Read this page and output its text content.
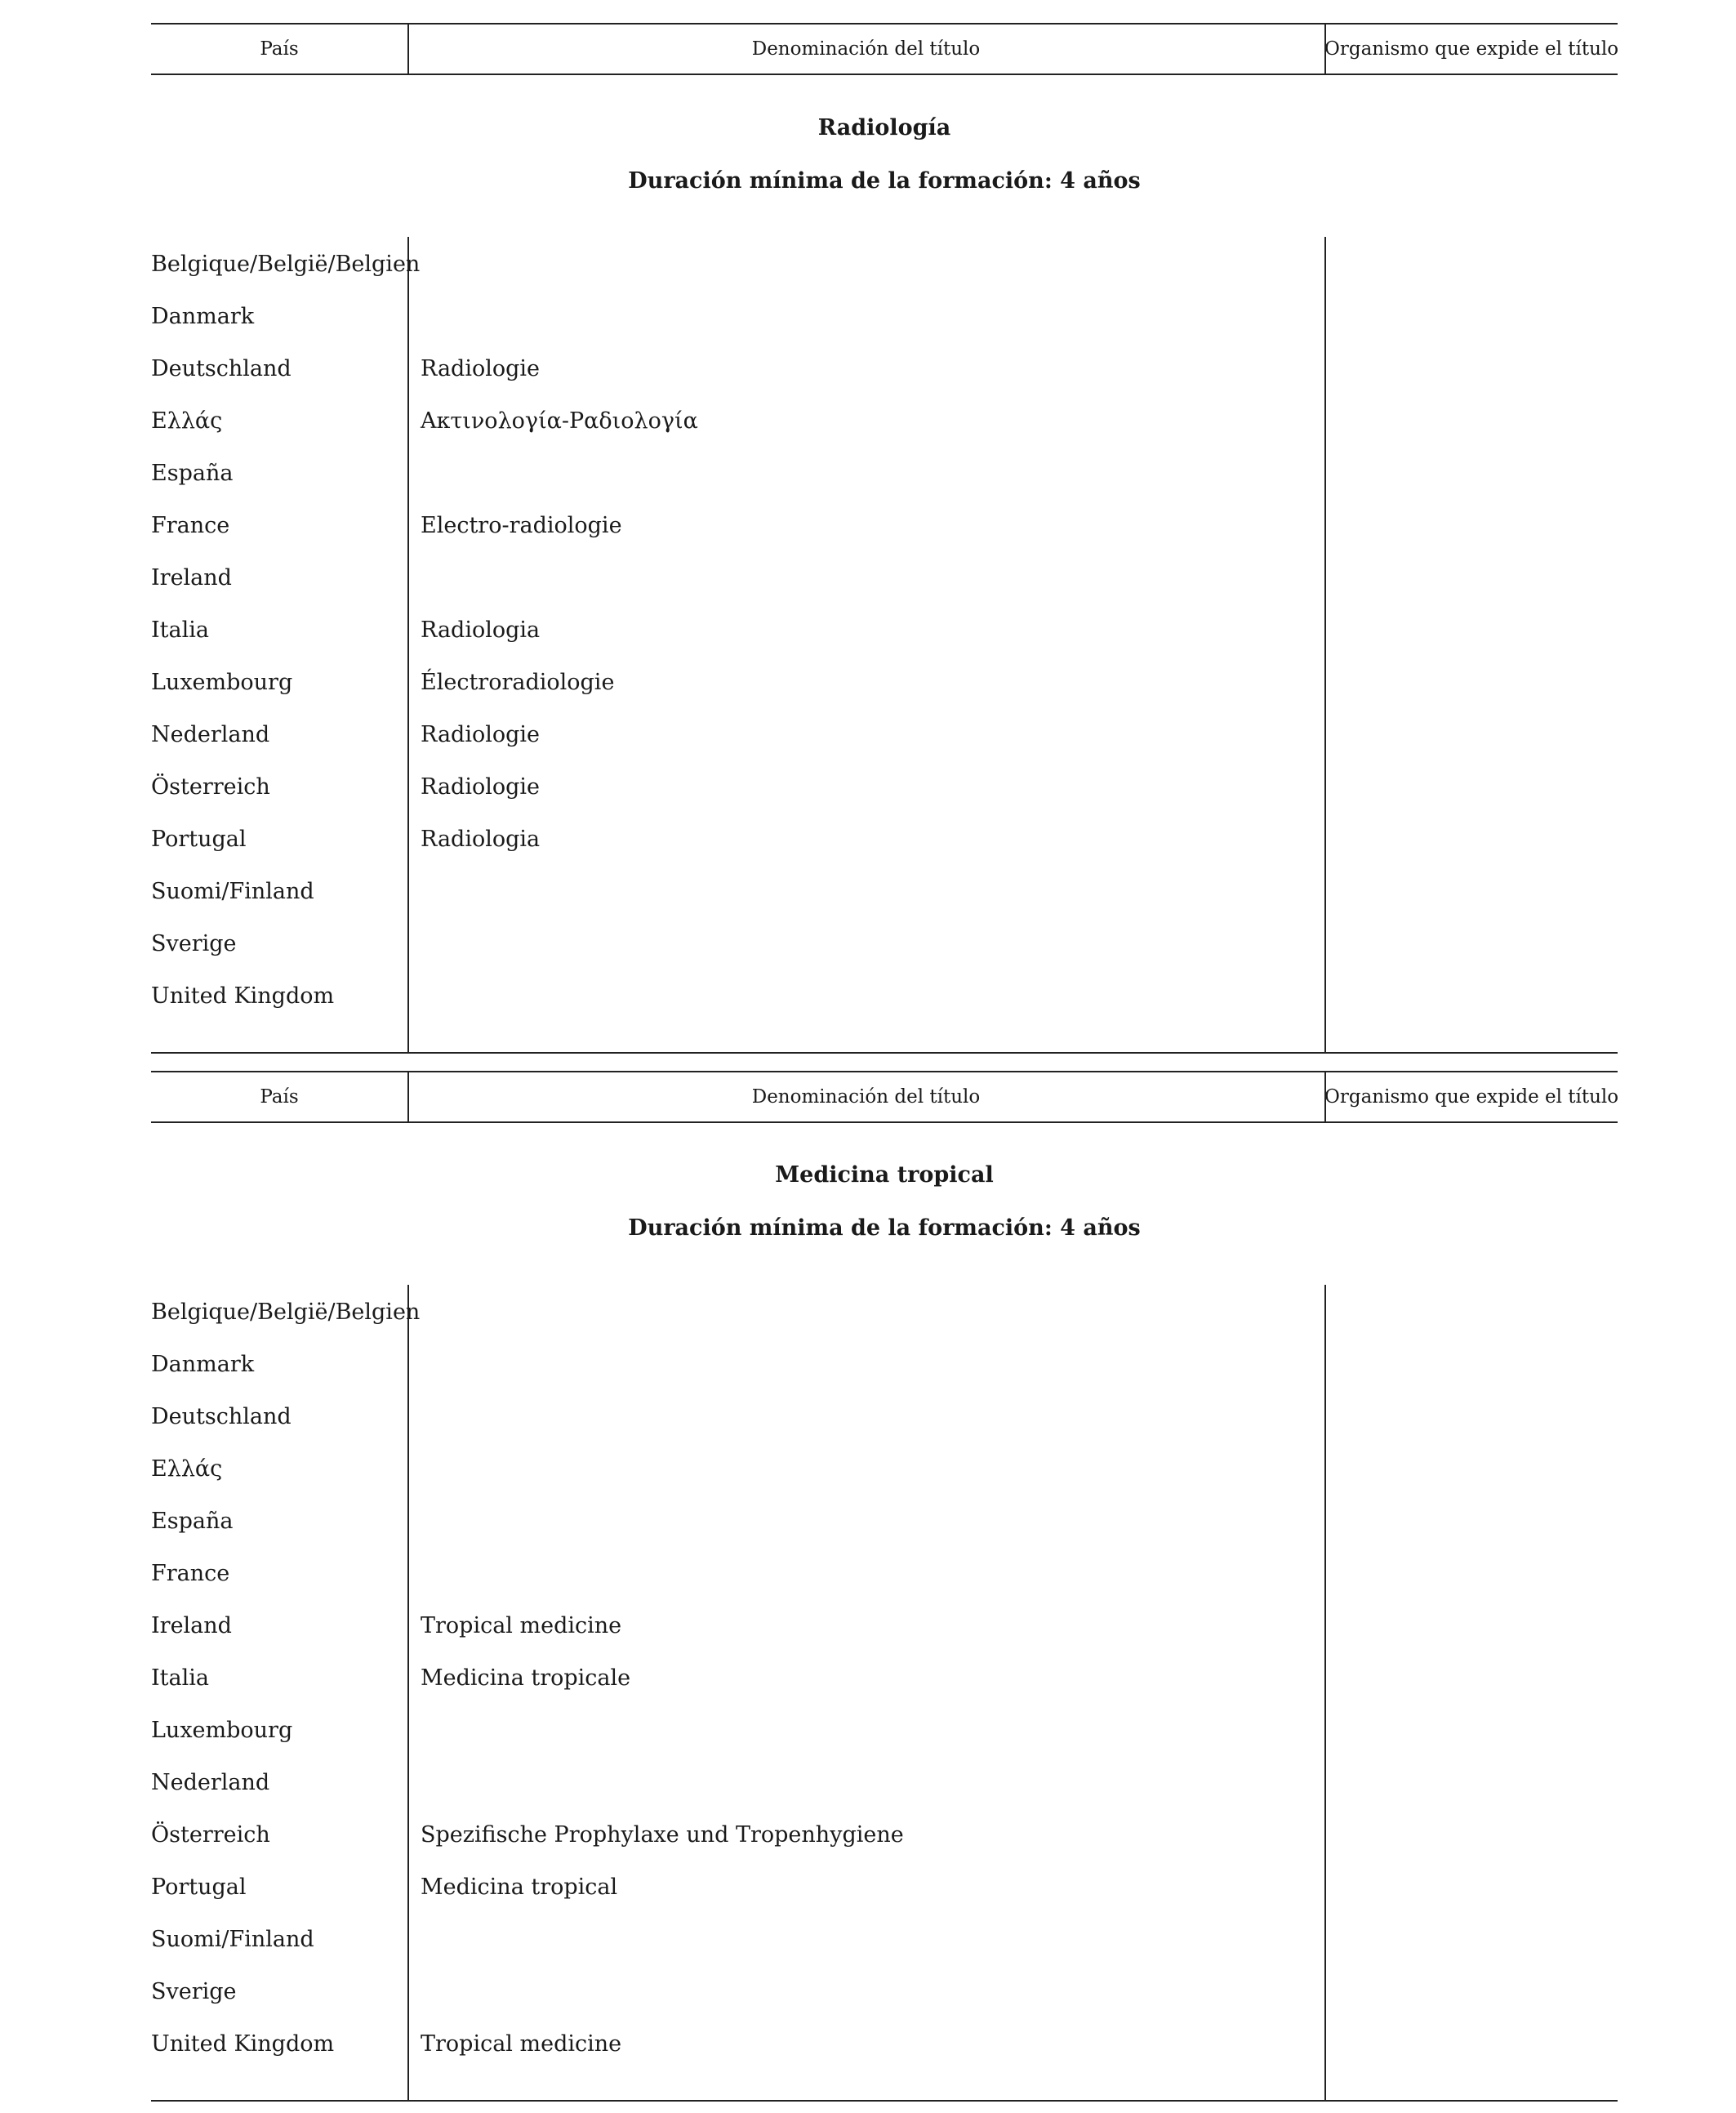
País	Denominación del título	Organismo que expide el título
Radiología
Duración mínima de la formación: 4 años
Belgique/België/Belgien
Danmark
Deutschland	Radiologie
Ελλάς	Ακτινολογία-Ραδιολογία
España
France	Electro-radiologie
Ireland
Italia	Radiologia
Luxembourg	Électroradiologie
Nederland	Radiologie
Österreich	Radiologie
Portugal	Radiologia
Suomi/Finland
Sverige
United Kingdom
País	Denominación del título	Organismo que expide el título
Medicina tropical
Duración mínima de la formación: 4 años
Belgique/België/Belgien
Danmark
Deutschland
Ελλάς
España
France
Ireland	Tropical medicine
Italia	Medicina tropicale
Luxembourg
Nederland
Österreich	Spezifische Prophylaxe und Tropenhygiene
Portugal	Medicina tropical
Suomi/Finland
Sverige
United Kingdom	Tropical medicine
